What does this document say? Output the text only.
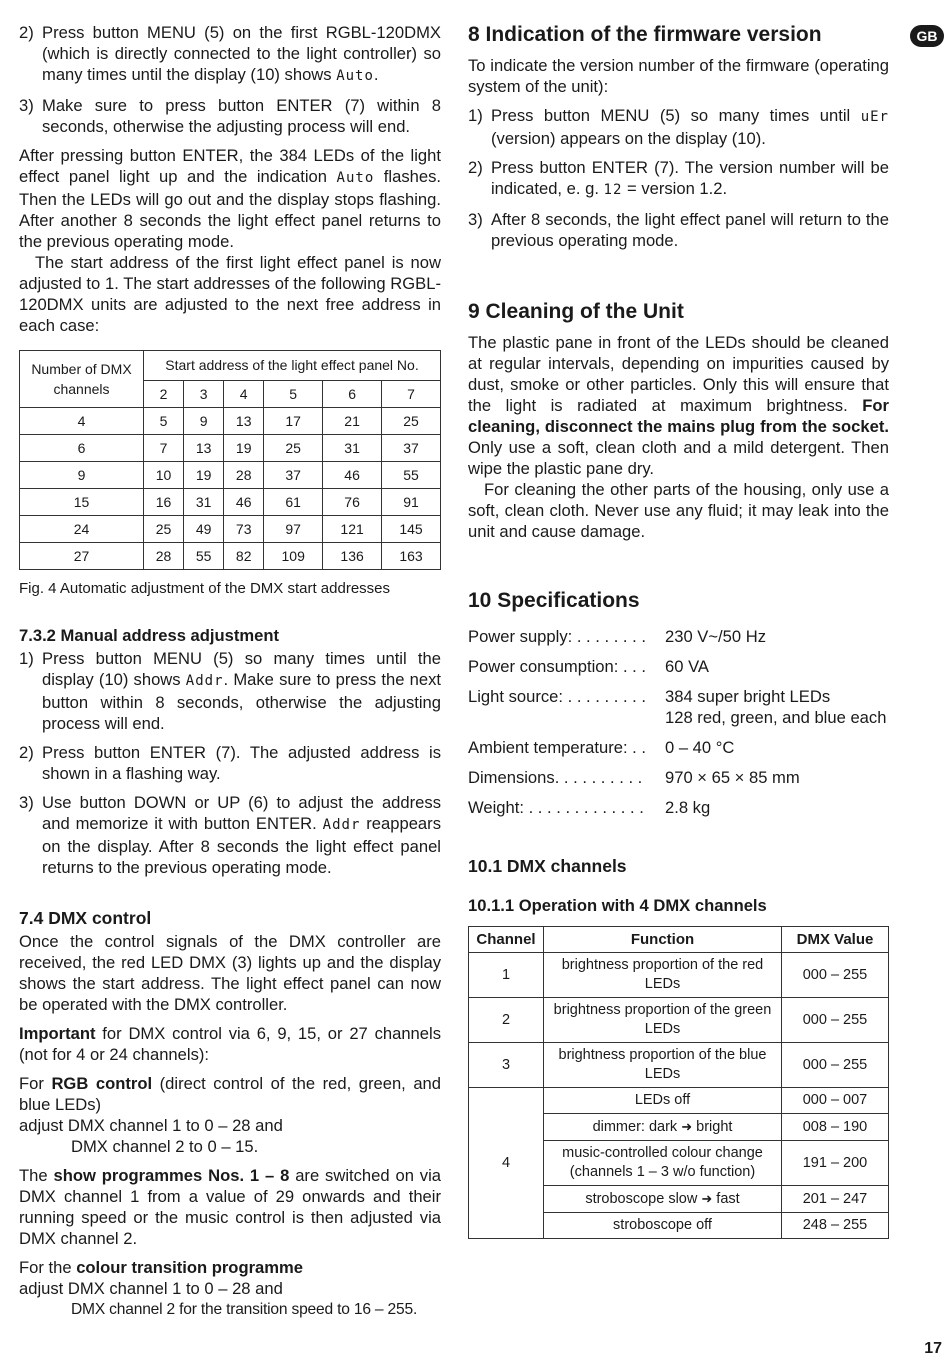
GB
2) Press button MENU (5) on the first RGBL-120DMX (which is directly connected to the light controller) so many times until the display (10) shows Auto.
3) Make sure to press button ENTER (7) within 8 seconds, otherwise the adjusting process will end.

After pressing button ENTER, the 384 LEDs of the light effect panel light up and the indication Auto flashes. Then the LEDs will go out and the display stops flashing. After another 8 seconds the light effect panel returns to the previous operating mode.

The start address of the first light effect panel is now adjusted to 1. The start addresses of the following RGBL-120DMX units are adjusted to the next free address in each case:

Number of DMX channels	Start address of the light effect panel No.					
	2	3	4	5	6	7
4	5	9	13	17	21	25
6	7	13	19	25	31	37
9	10	19	28	37	46	55
15	16	31	46	61	76	91
24	25	49	73	97	121	145
27	28	55	82	109	136	163
Fig. 4 Automatic adjustment of the DMX start addresses
7.3.2 Manual address adjustment
1) Press button MENU (5) so many times until the display (10) shows Addr. Make sure to press the next button within 8 seconds, otherwise the adjusting process will end.
2) Press button ENTER (7). The adjusted address is shown in a flashing way.
3) Use button DOWN or UP (6) to adjust the address and memorize it with button ENTER. Addr reappears on the display. After 8 seconds the light effect panel returns to the previous operating mode.
7.4 DMX control

Once the control signals of the DMX controller are received, the red LED DMX (3) lights up and the display shows the start address. The light effect panel can now be operated with the DMX controller.

Important for DMX control via 6, 9, 15, or 27 channels (not for 4 or 24 channels):

For RGB control (direct control of the red, green, and blue LEDs)

adjust DMX channel 1 to 0 – 28 and
DMX channel 2 to 0 – 15.

The show programmes Nos. 1 – 8 are switched on via DMX channel 1 from a value of 29 onwards and their running speed or the music control is then adjusted via DMX channel 2.

For the colour transition programme
adjust DMX channel 1 to 0 – 28 and
DMX channel 2 for the transition speed to 16 – 255.
8 Indication of the firmware version

To indicate the version number of the firmware (operating system of the unit):

1) Press button MENU (5) so many times until uEr (version) appears on the display (10).
2) Press button ENTER (7). The version number will be indicated, e. g. 12 = version 1.2.
3) After 8 seconds, the light effect panel will return to the previous operating mode.
9 Cleaning of the Unit

The plastic pane in front of the LEDs should be cleaned at regular intervals, depending on impurities caused by dust, smoke or other particles. Only this will ensure that the light is radiated at maximum brightness. For cleaning, disconnect the mains plug from the socket. Only use a soft, clean cloth and a mild detergent. Then wipe the plastic pane dry.

For cleaning the other parts of the housing, only use a soft, clean cloth. Never use any fluid; it may leak into the unit and cause damage.

10 Specifications
Power supply: . . . . . . . .	230 V~/50 Hz
Power consumption: . . .	60 VA
Light source: . . . . . . . . .	384 super bright LEDs
128 red, green, and blue each
Ambient temperature: . .	0 – 40 °C
Dimensions. . . . . . . . . .	970 × 65 × 85 mm
Weight: . . . . . . . . . . . . .	2.8 kg
10.1 DMX channels
10.1.1 Operation with 4 DMX channels
Channel	Function	DMX Value
1	brightness proportion of the red LEDs	000 – 255
2	brightness proportion of the green LEDs	000 – 255
3	brightness proportion of the blue LEDs	000 – 255
4	LEDs off	000 – 007
	dimmer: dark ➜ bright	008 – 190
	music-controlled colour change (channels 1 – 3 w/o function)	191 – 200
	stroboscope slow ➜ fast	201 – 247
	stroboscope off	248 – 255
17
